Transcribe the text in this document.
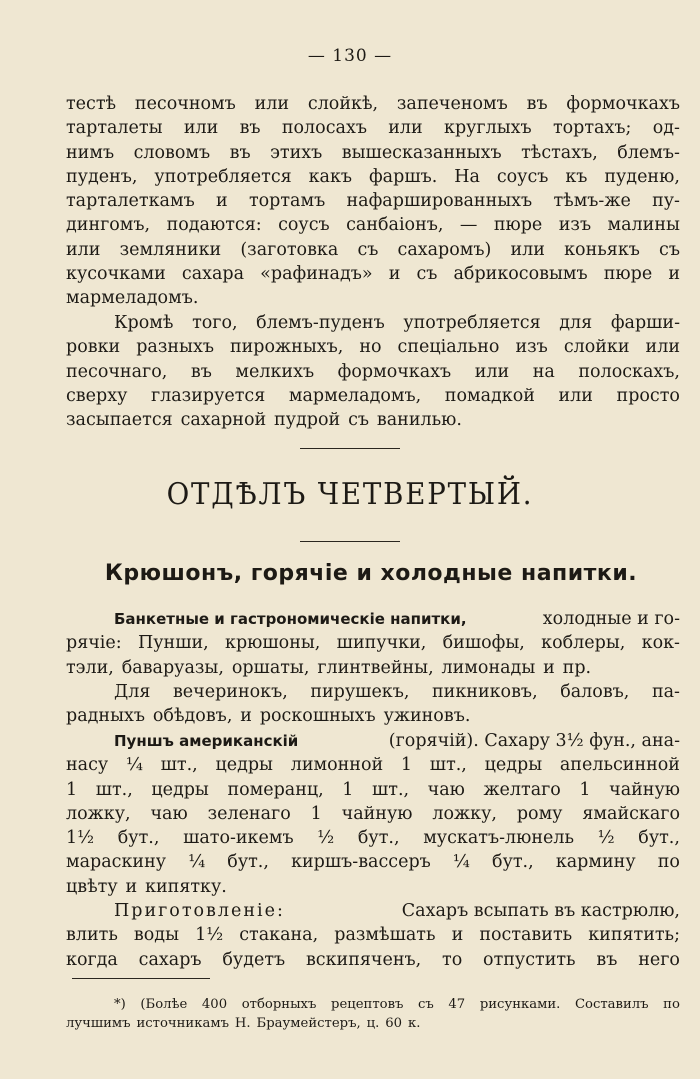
— 130 —
тестѣ песочномъ или слойкѣ, запеченомъ въ формочкахъ
тарталеты или въ полосахъ или круглыхъ тортахъ; од-
нимъ словомъ въ этихъ вышесказанныхъ тѣстахъ, блемъ-
пуденъ, употребляется какъ фаршъ. На соусъ къ пуденю,
тарталеткамъ и тортамъ нафаршированныхъ тѣмъ-же пу-
дингомъ, подаются: соусъ санбаіонъ, — пюре изъ малины
или земляники (заготовка съ сахаромъ) или коньякъ съ
кусочками сахара «рафинадъ» и съ абрикосовымъ пюре и
мармеладомъ.
Кромѣ того, блемъ-пуденъ употребляется для фарши-
ровки разныхъ пирожныхъ, но спеціально изъ слойки или
песочнаго, въ мелкихъ формочкахъ или на полоскахъ,
сверху глазируется мармеладомъ, помадкой или просто
засыпается сахарной пудрой съ ванилью.
ОТДѢЛЪ ЧЕТВЕРТЫЙ.
Крюшонъ, горячіе и холодные напитки.
Банкетные и гастрономическіе напитки,	холодные и го-
рячіе: Пунши, крюшоны, шипучки, бишофы, коблеры, кок-
тэли, баваруазы, оршаты, глинтвейны, лимонады и пр.
Для вечеринокъ, пирушекъ, пикниковъ, баловъ, па-
радныхъ обѣдовъ, и роскошныхъ ужиновъ.
Пуншъ американскій	(горячій). Сахару 3½ фун., ана-
насу ¼ шт., цедры лимонной 1 шт., цедры апельсинной
1 шт., цедры померанц, 1 шт., чаю желтаго 1 чайную
ложку, чаю зеленаго 1 чайную ложку, рому ямайскаго
1½ бут., шато-икемъ ½ бут., мускатъ-люнель ½ бут.,
мараскину ¼ бут., киршъ-вассеръ ¼ бут., кармину по
цвѣту и кипятку.
Приготовленіе:	Сахаръ всыпать въ кастрюлю,
влить воды 1½ стакана, размѣшать и поставить кипятить;
когда сахаръ будетъ вскипяченъ, то отпустить въ него
*) (Болѣе 400 отборныхъ рецептовъ съ 47 рисунками. Составилъ по
лучшимъ источникамъ Н. Браумейстеръ, ц. 60 к.
